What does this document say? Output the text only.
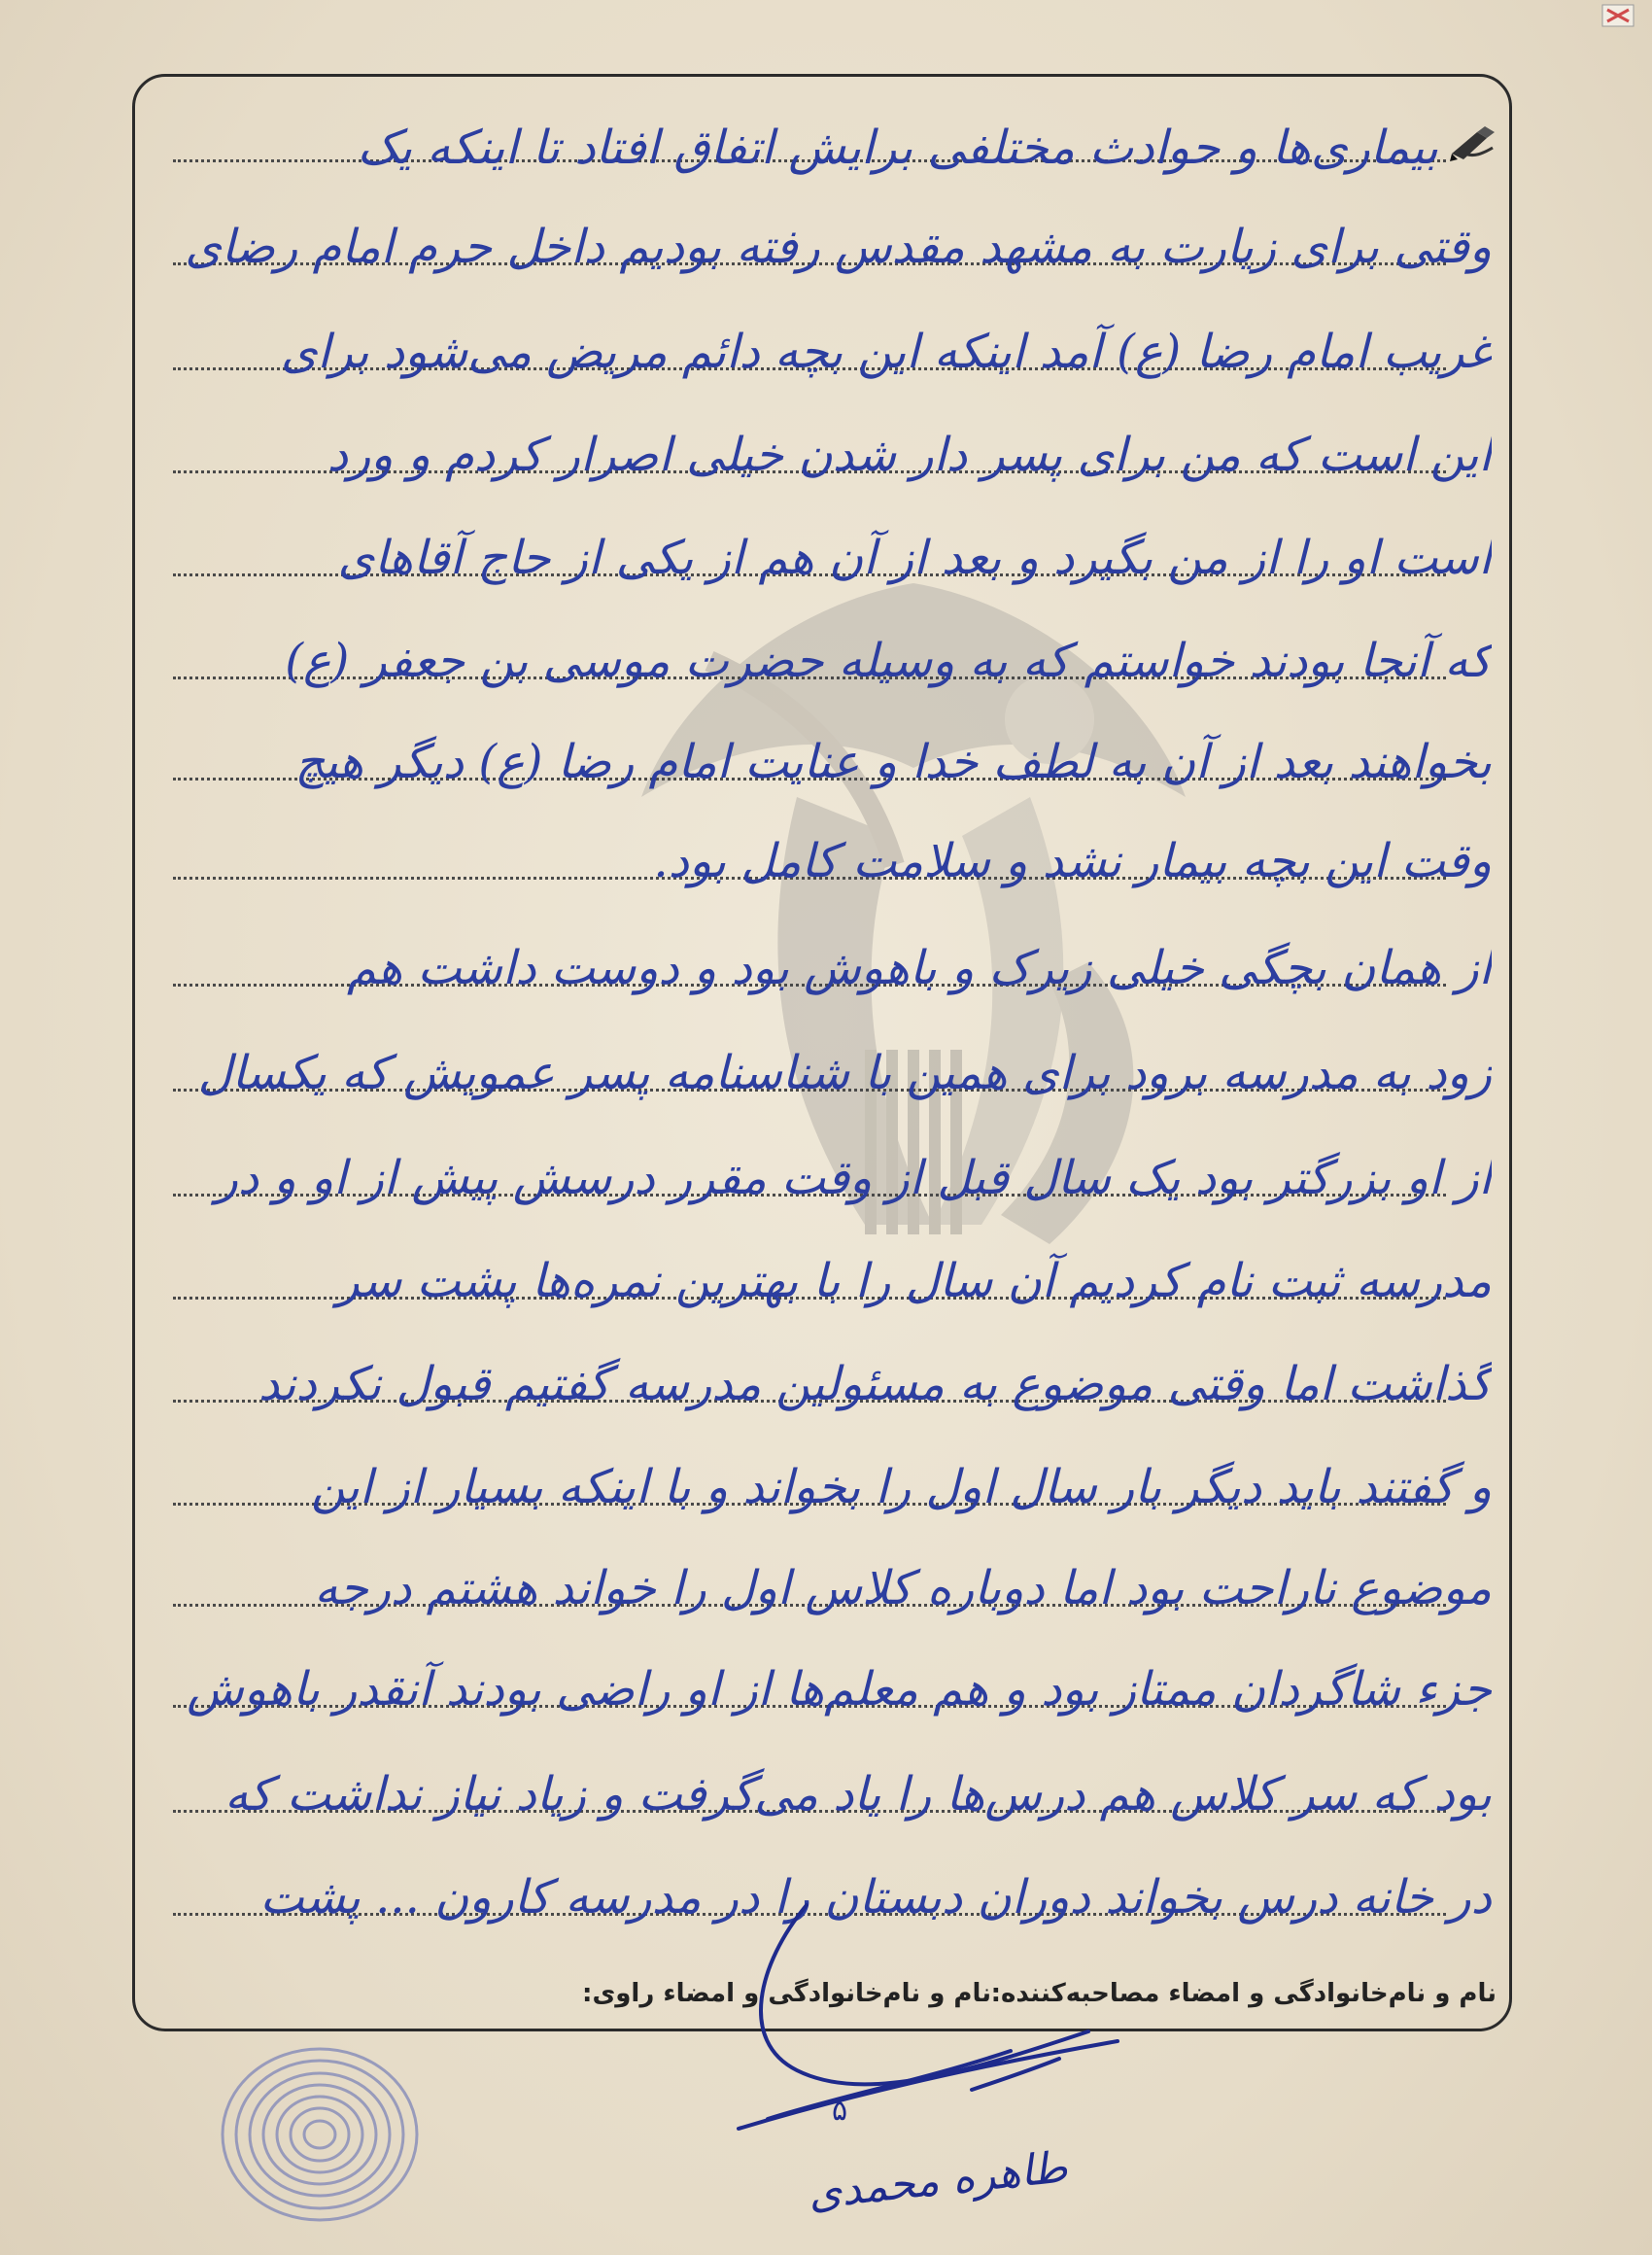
بیماری‌ها و حوادث مختلفی برایش اتفاق افتاد تا اینکه یک
وقتی برای زیارت به مشهد مقدس رفته بودیم داخل حرم امام رضای
غریب امام رضا (ع) آمد اینکه این بچه دائم مریض می‌شود برای
این است که من برای پسر دار شدن خیلی اصرار کردم و ورد
است او را از من بگیرد و بعد از آن هم از یکی از حاج آقاهای
که آنجا بودند خواستم که به وسیله حضرت موسی بن جعفر (ع)
بخواهند بعد از آن به لطف خدا و عنایت امام رضا (ع) دیگر هیچ
وقت این بچه بیمار نشد و سلامت کامل بود.
از همان بچگی خیلی زیرک و باهوش بود و دوست داشت هم
زود به مدرسه برود برای همین با شناسنامه پسر عمویش که یکسال
از او بزرگتر بود یک سال قبل از وقت مقرر درسش پیش از او و در
مدرسه ثبت نام کردیم آن سال را با بهترین نمره‌ها پشت سر
گذاشت اما وقتی موضوع به مسئولین مدرسه گفتیم قبول نکردند
و گفتند باید دیگر بار سال اول را بخواند و با اینکه بسیار از این
موضوع ناراحت بود اما دوباره کلاس اول را خواند هشتم درجه
جزء شاگردان ممتاز بود و هم معلم‌ها از او راضی بودند آنقدر باهوش
بود که سر کلاس هم درس‌ها را یاد می‌گرفت و زیاد نیاز نداشت که
در خانه درس بخواند دوران دبستان را در مدرسه کارون ... پشت
نام و نام‌خانوادگی و امضاء مصاحبه‌کننده:
نام و نام‌خانوادگی و امضاء راوی:
۵
طاهره محمدی
